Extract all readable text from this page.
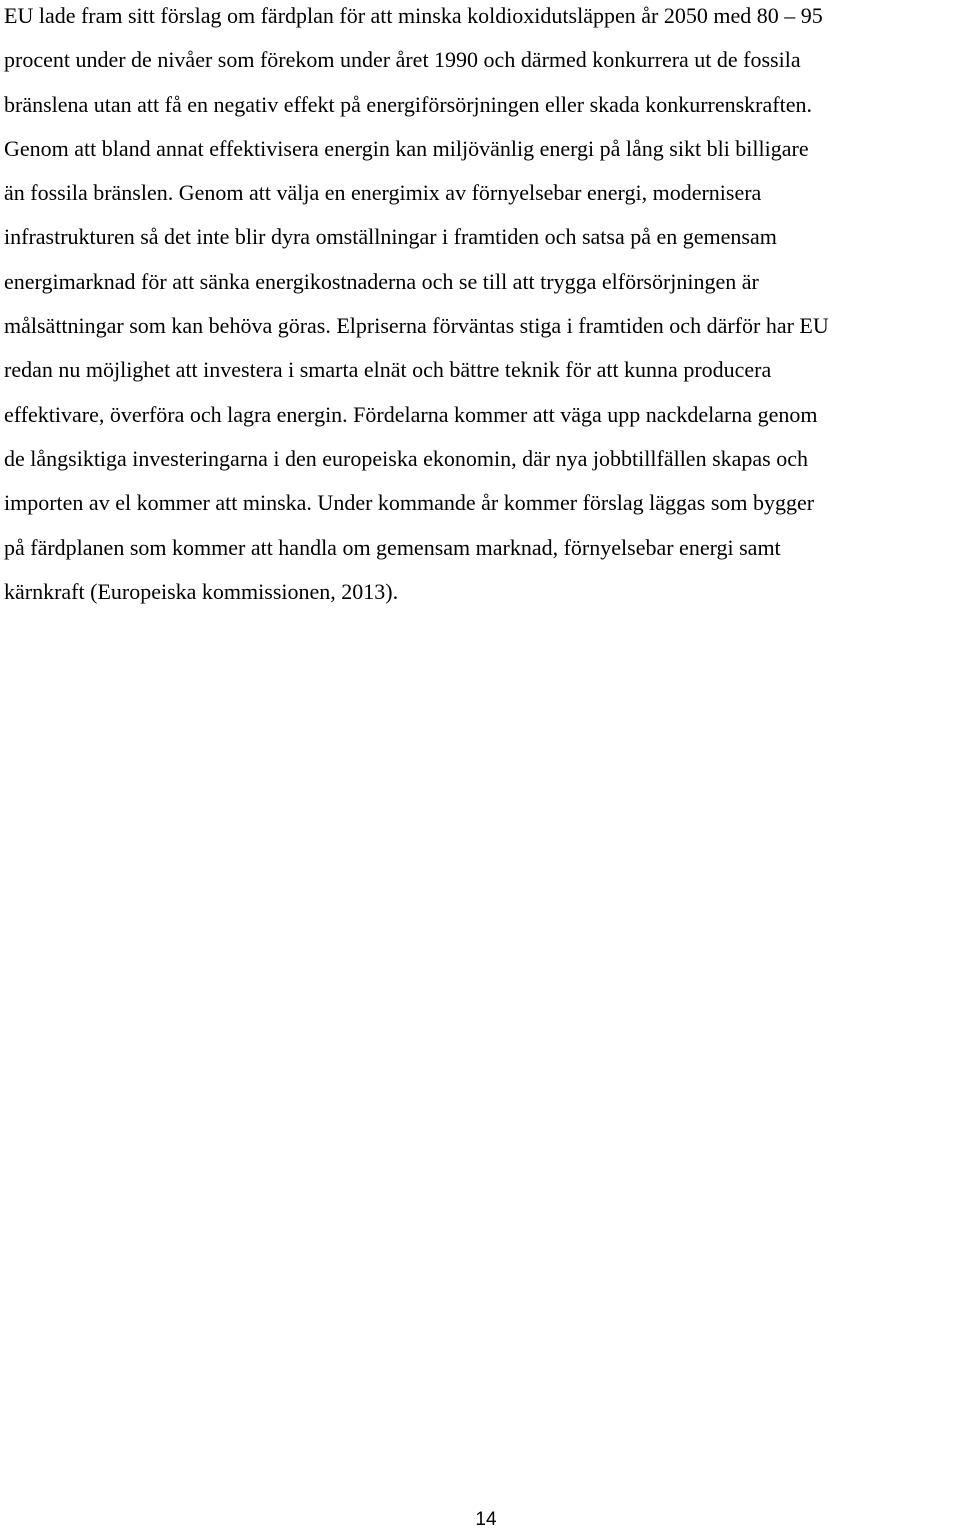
EU lade fram sitt förslag om färdplan för att minska koldioxidutsläppen år 2050 med 80 – 95
procent under de nivåer som förekom under året 1990 och därmed konkurrera ut de fossila
bränslena utan att få en negativ effekt på energiförsörjningen eller skada konkurrenskraften.
Genom att bland annat effektivisera energin kan miljövänlig energi på lång sikt bli billigare
än fossila bränslen. Genom att välja en energimix av förnyelsebar energi, modernisera
infrastrukturen så det inte blir dyra omställningar i framtiden och satsa på en gemensam
energimarknad för att sänka energikostnaderna och se till att trygga elförsörjningen är
målsättningar som kan behöva göras. Elpriserna förväntas stiga i framtiden och därför har EU
redan nu möjlighet att investera i smarta elnät och bättre teknik för att kunna producera
effektivare, överföra och lagra energin. Fördelarna kommer att väga upp nackdelarna genom
de långsiktiga investeringarna i den europeiska ekonomin, där nya jobbtillfällen skapas och
importen av el kommer att minska. Under kommande år kommer förslag läggas som bygger
på färdplanen som kommer att handla om gemensam marknad, förnyelsebar energi samt
kärnkraft (Europeiska kommissionen, 2013).

14
